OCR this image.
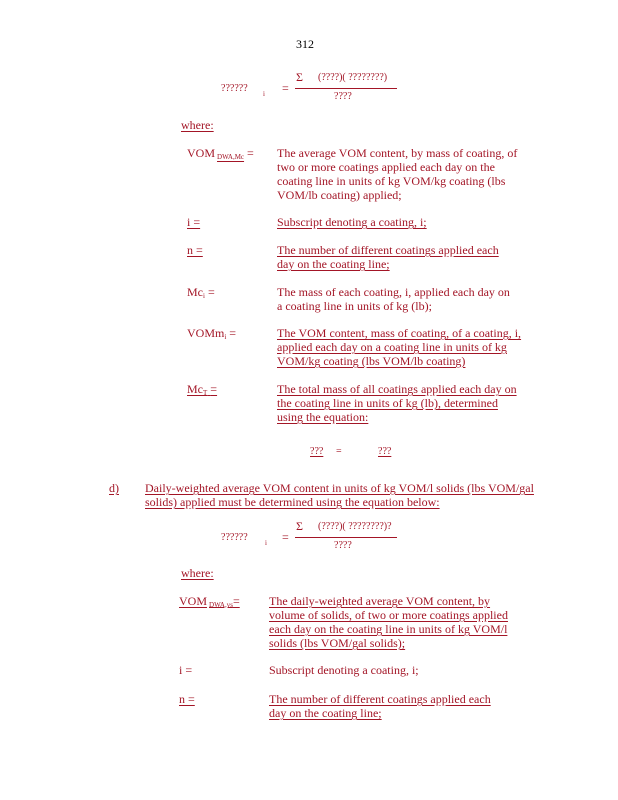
312
?????? i =
Σ (????)( ????????)
????
where:
VOM DWA,Mc = The average VOM content, by mass of coating, of two or more coatings applied each day on the coating line in units of kg VOM/kg coating (lbs VOM/lb coating) applied;
i =	Subscript denoting a coating, i;
n =	The number of different coatings applied each day on the coating line;
Mci =	The mass of each coating, i, applied each day on a coating line in units of kg (lb);
VOMmi =	The VOM content, mass of coating, of a coating, i, applied each day on a coating line in units of kg VOM/kg coating (lbs VOM/lb coating)
McT =	The total mass of all coatings applied each day on the coating line in units of kg (lb), determined using the equation:
??? =	???
d) Daily-weighted average VOM content in units of kg VOM/l solids (lbs VOM/gal solids) applied must be determined using the equation below:
?????? i =
Σ (????)( ????????)?
????
where:
VOM DWA,vs= The daily-weighted average VOM content, by volume of solids, of two or more coatings applied each day on the coating line in units of kg VOM/l solids (lbs VOM/gal solids);
i =	Subscript denoting a coating, i;
n =	The number of different coatings applied each day on the coating line;
